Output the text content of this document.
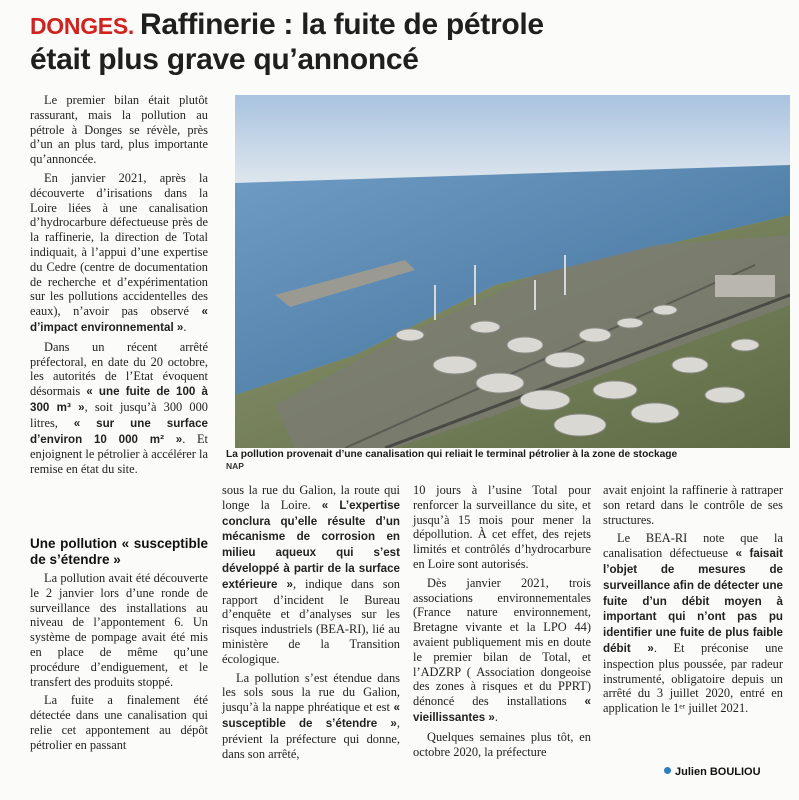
DONGES. Raffinerie : la fuite de pétrole
était plus grave qu’annoncé

Le premier bilan était plutôt rassurant, mais la pollution au pétrole à Donges se révèle, près d’un an plus tard, plus importante qu’annoncée.

En janvier 2021, après la découverte d’irisations dans la Loire liées à une canalisation d’hydrocarbure défectueuse près de la raffinerie, la direction de Total indiquait, à l’appui d’une expertise du Cedre (centre de documentation de recherche et d’expérimentation sur les pollutions accidentelles des eaux), n’avoir pas observé « d’impact environnemental ».

Dans un récent arrêté préfectoral, en date du 20 octobre, les autorités de l’Etat évoquent désormais « une fuite de 100 à 300 m³ », soit jusqu’à 300 000 litres, « sur une surface d’environ 10 000 m² ». Et enjoignent le pétrolier à accélérer la remise en état du site.

Une pollution « susceptible de s’étendre »

La pollution avait été découverte le 2 janvier lors d’une ronde de surveillance des installations au niveau de l’appontement 6. Un système de pompage avait été mis en place de même qu’une procédure d’endiguement, et le transfert des produits stoppé.

La fuite a finalement été détectée dans une canalisation qui relie cet appontement au dépôt pétrolier en passant

La pollution provenait d’une canalisation qui reliait le terminal pétrolier à la zone de stockage
NAP

sous la rue du Galion, la route qui longe la Loire. « L’expertise conclura qu’elle résulte d’un mécanisme de corrosion en milieu aqueux qui s’est développé à partir de la surface extérieure », indique dans son rapport d’incident le Bureau d’enquête et d’analyses sur les risques industriels (BEA-RI), lié au ministère de la Transition écologique.

La pollution s’est étendue dans les sols sous la rue du Galion, jusqu’à la nappe phréatique et est « susceptible de s’étendre », prévient la préfecture qui donne, dans son arrêté,

10 jours à l’usine Total pour renforcer la surveillance du site, et jusqu’à 15 mois pour mener la dépollution. À cet effet, des rejets limités et contrôlés d’hydrocarbure en Loire sont autorisés.

Dès janvier 2021, trois associations environnementales (France nature environnement, Bretagne vivante et la LPO 44) avaient publiquement mis en doute le premier bilan de Total, et l’ADZRP ( Association dongeoise des zones à risques et du PPRT) dénoncé des installations « vieillissantes ».

Quelques semaines plus tôt, en octobre 2020, la préfecture

avait enjoint la raffinerie à rattraper son retard dans le contrôle de ses structures.

Le BEA-RI note que la canalisation défectueuse « faisait l’objet de mesures de surveillance afin de détecter une fuite d’un débit moyen à important qui n’ont pas pu identifier une fuite de plus faible débit ». Et préconise une inspection plus poussée, par radeur instrumenté, obligatoire depuis un arrêté du 3 juillet 2020, entré en application le 1ᵉʳ juillet 2021.

Julien BOULIOU
